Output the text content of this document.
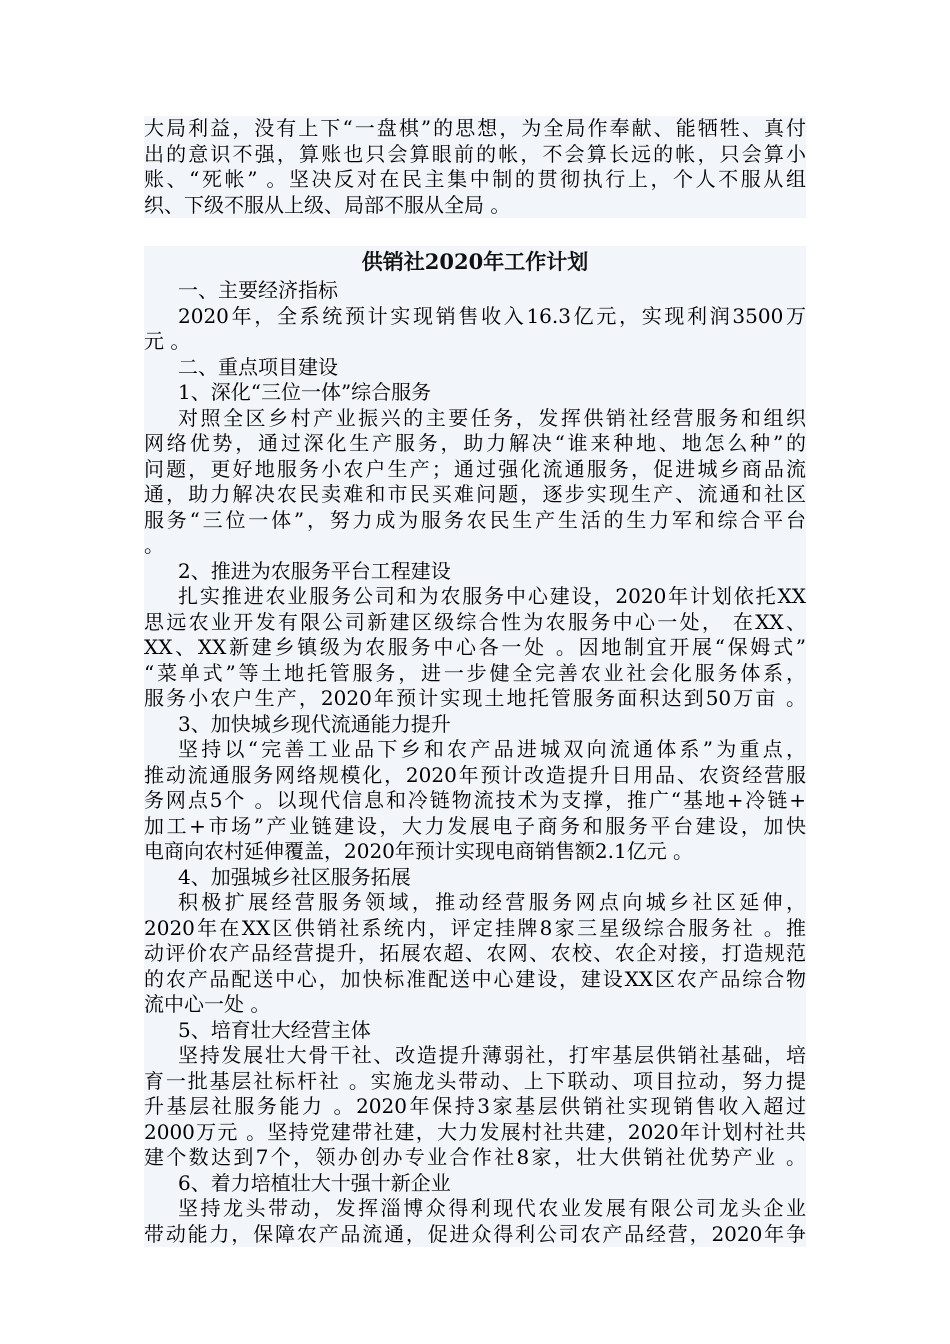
大局利益，没有上下“一盘棋”的思想，为全局作奉献、能牺牲、真付
出的意识不强，算账也只会算眼前的帐，不会算长远的帐，只会算小
账、“死帐” 。坚决反对在民主集中制的贯彻执行上，个人不服从组
织、下级不服从上级、局部不服从全局 。
供销社2020年工作计划
一、主要经济指标
2020年，全系统预计实现销售收入16.3亿元，实现利润3500万
元 。
二、重点项目建设
1、深化“三位一体”综合服务
对照全区乡村产业振兴的主要任务，发挥供销社经营服务和组织
网络优势，通过深化生产服务，助力解决“谁来种地、地怎么种”的
问题，更好地服务小农户生产；通过强化流通服务，促进城乡商品流
通，助力解决农民卖难和市民买难问题，逐步实现生产、流通和社区
服务“三位一体”，努力成为服务农民生产生活的生力军和综合平台
。
2、推进为农服务平台工程建设
扎实推进农业服务公司和为农服务中心建设，2020年计划依托XX
思远农业开发有限公司新建区级综合性为农服务中心一处， 在XX、
XX、XX新建乡镇级为农服务中心各一处 。因地制宜开展“保姆式”
“菜单式”等土地托管服务，进一步健全完善农业社会化服务体系，
服务小农户生产，2020年预计实现土地托管服务面积达到50万亩 。
3、加快城乡现代流通能力提升
坚持以“完善工业品下乡和农产品进城双向流通体系”为重点，
推动流通服务网络规模化，2020年预计改造提升日用品、农资经营服
务网点5个 。以现代信息和冷链物流技术为支撑，推广“基地+冷链+
加工+市场”产业链建设，大力发展电子商务和服务平台建设，加快
电商向农村延伸覆盖，2020年预计实现电商销售额2.1亿元 。
4、加强城乡社区服务拓展
积极扩展经营服务领域，推动经营服务网点向城乡社区延伸，
2020年在XX区供销社系统内，评定挂牌8家三星级综合服务社 。推
动评价农产品经营提升，拓展农超、农网、农校、农企对接，打造规范
的农产品配送中心，加快标准配送中心建设，建设XX区农产品综合物
流中心一处 。
5、培育壮大经营主体
坚持发展壮大骨干社、改造提升薄弱社，打牢基层供销社基础，培
育一批基层社标杆社 。实施龙头带动、上下联动、项目拉动，努力提
升基层社服务能力 。2020年保持3家基层供销社实现销售收入超过
2000万元 。坚持党建带社建，大力发展村社共建，2020年计划村社共
建个数达到7个，领办创办专业合作社8家，壮大供销社优势产业 。
6、着力培植壮大十强十新企业
坚持龙头带动，发挥淄博众得利现代农业发展有限公司龙头企业
带动能力，保障农产品流通，促进众得利公司农产品经营，2020年争
